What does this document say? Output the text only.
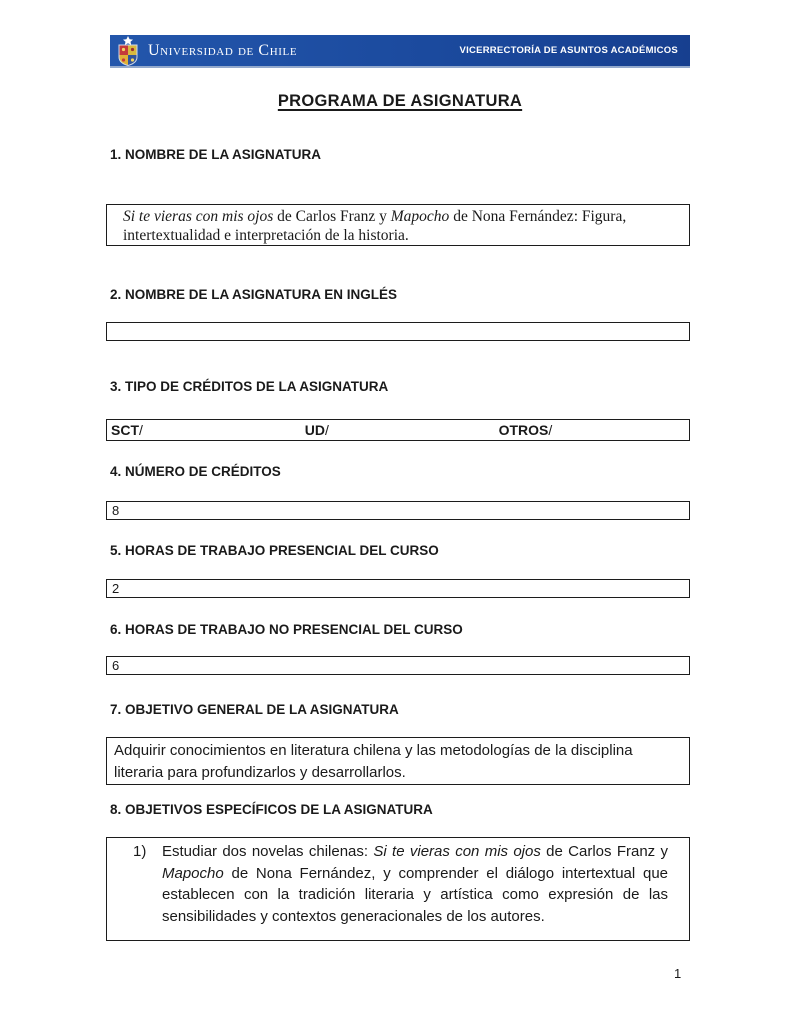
Universidad de Chile	VICERRECTORÍA DE ASUNTOS ACADÉMICOS
PROGRAMA DE ASIGNATURA
1. NOMBRE DE LA ASIGNATURA
Si te vieras con mis ojos de Carlos Franz y Mapocho de Nona Fernández: Figura, intertextualidad e interpretación de la historia.
2. NOMBRE DE LA ASIGNATURA EN INGLÉS
3. TIPO DE CRÉDITOS DE LA ASIGNATURA
SCT/	UD/	OTROS/
4. NÚMERO DE CRÉDITOS
8
5. HORAS DE TRABAJO PRESENCIAL DEL CURSO
2
6. HORAS DE TRABAJO NO PRESENCIAL DEL CURSO
6
7. OBJETIVO GENERAL DE LA ASIGNATURA
Adquirir conocimientos en literatura chilena y las metodologías de la disciplina literaria para profundizarlos y desarrollarlos.
8. OBJETIVOS ESPECÍFICOS DE LA ASIGNATURA
1)	Estudiar dos novelas chilenas: Si te vieras con mis ojos de Carlos Franz y Mapocho de Nona Fernández, y comprender el diálogo intertextual que establecen con la tradición literaria y artística como expresión de las sensibilidades y contextos generacionales de los autores.
1
